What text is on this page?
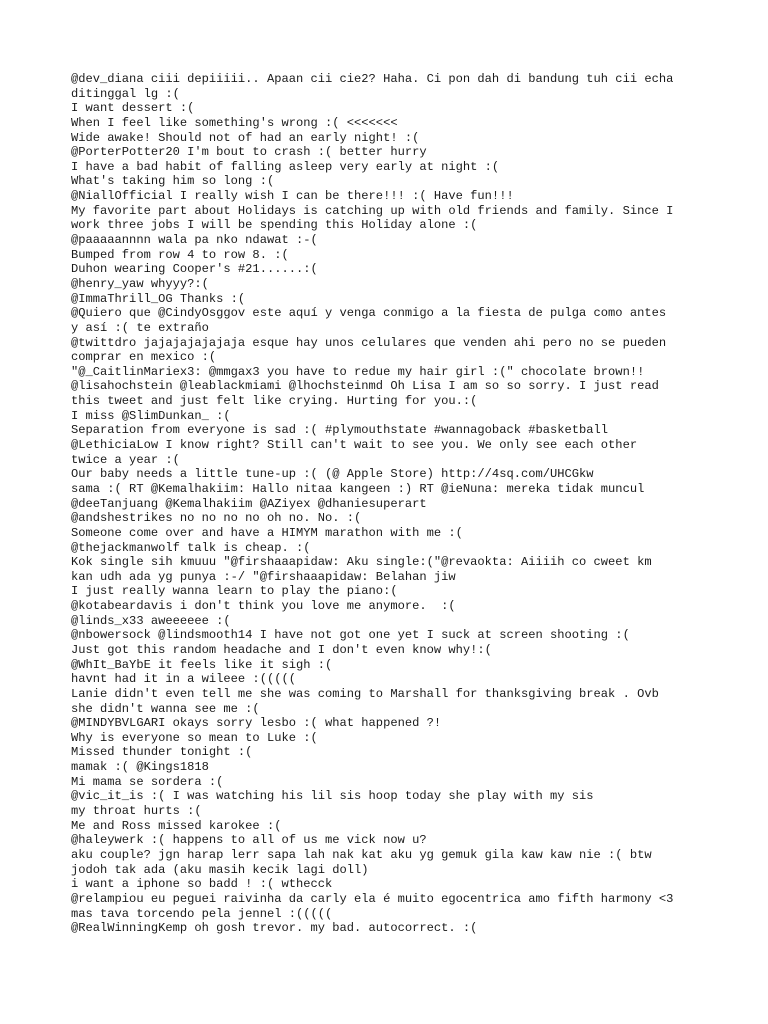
@dev_diana ciii depiiiii.. Apaan cii cie2? Haha. Ci pon dah di bandung tuh cii echa
ditinggal lg :(
I want dessert :(
When I feel like something's wrong :( <<<<<<<
Wide awake! Should not of had an early night! :(
@PorterPotter20 I'm bout to crash :( better hurry
I have a bad habit of falling asleep very early at night :(
What's taking him so long :(
@NiallOfficial I really wish I can be there!!! :( Have fun!!!
My favorite part about Holidays is catching up with old friends and family. Since I
work three jobs I will be spending this Holiday alone :(
@paaaaannnn wala pa nko ndawat :-(
Bumped from row 4 to row 8. :(
Duhon wearing Cooper's #21......:(
@henry_yaw whyyy?:(
@ImmaThrill_OG Thanks :(
@Quiero que @CindyOsggov este aquí y venga conmigo a la fiesta de pulga como antes
y así :( te extraño
@twittdro jajajajajajaja esque hay unos celulares que venden ahi pero no se pueden
comprar en mexico :(
"@_CaitlinMariex3: @mmgax3 you have to redue my hair girl :(" chocolate brown!!
@lisahochstein @leablackmiami @lhochsteinmd Oh Lisa I am so so sorry. I just read
this tweet and just felt like crying. Hurting for you.:(
I miss @SlimDunkan_ :(
Separation from everyone is sad :( #plymouthstate #wannagoback #basketball
@LethiciaLow I know right? Still can't wait to see you. We only see each other
twice a year :(
Our baby needs a little tune-up :( (@ Apple Store) http://4sq.com/UHCGkw
sama :( RT @Kemalhakiim: Hallo nitaa kangeen :) RT @ieNuna: mereka tidak muncul
@deeTanjuang @Kemalhakiim @AZiyex @dhaniesuperart
@andshestrikes no no no no oh no. No. :(
Someone come over and have a HIMYM marathon with me :(
@thejackmanwolf talk is cheap. :(
Kok single sih kmuuu "@firshaaapidaw: Aku single:("@revaokta: Aiiiih co cweet km
kan udh ada yg punya :-/ "@firshaaapidaw: Belahan jiw
I just really wanna learn to play the piano:(
@kotabeardavis i don't think you love me anymore.  :(
@linds_x33 aweeeeee :(
@nbowersock @lindsmooth14 I have not got one yet I suck at screen shooting :(
Just got this random headache and I don't even know why!:(
@WhIt_BaYbE it feels like it sigh :(
havnt had it in a wileee :(((((
Lanie didn't even tell me she was coming to Marshall for thanksgiving break . Ovb
she didn't wanna see me :(
@MINDYBVLGARI okays sorry lesbo :( what happened ?!
Why is everyone so mean to Luke :(
Missed thunder tonight :(
mamak :( @Kings1818
Mi mama se sordera :(
@vic_it_is :( I was watching his lil sis hoop today she play with my sis
my throat hurts :(
Me and Ross missed karokee :(
@haleywerk :( happens to all of us me vick now u?
aku couple? jgn harap lerr sapa lah nak kat aku yg gemuk gila kaw kaw nie :( btw
jodoh tak ada (aku masih kecik lagi doll)
i want a iphone so badd ! :( wthecck
@relampiou eu peguei raivinha da carly ela é muito egocentrica amo fifth harmony <3
mas tava torcendo pela jennel :(((((
@RealWinningKemp oh gosh trevor. my bad. autocorrect. :(
